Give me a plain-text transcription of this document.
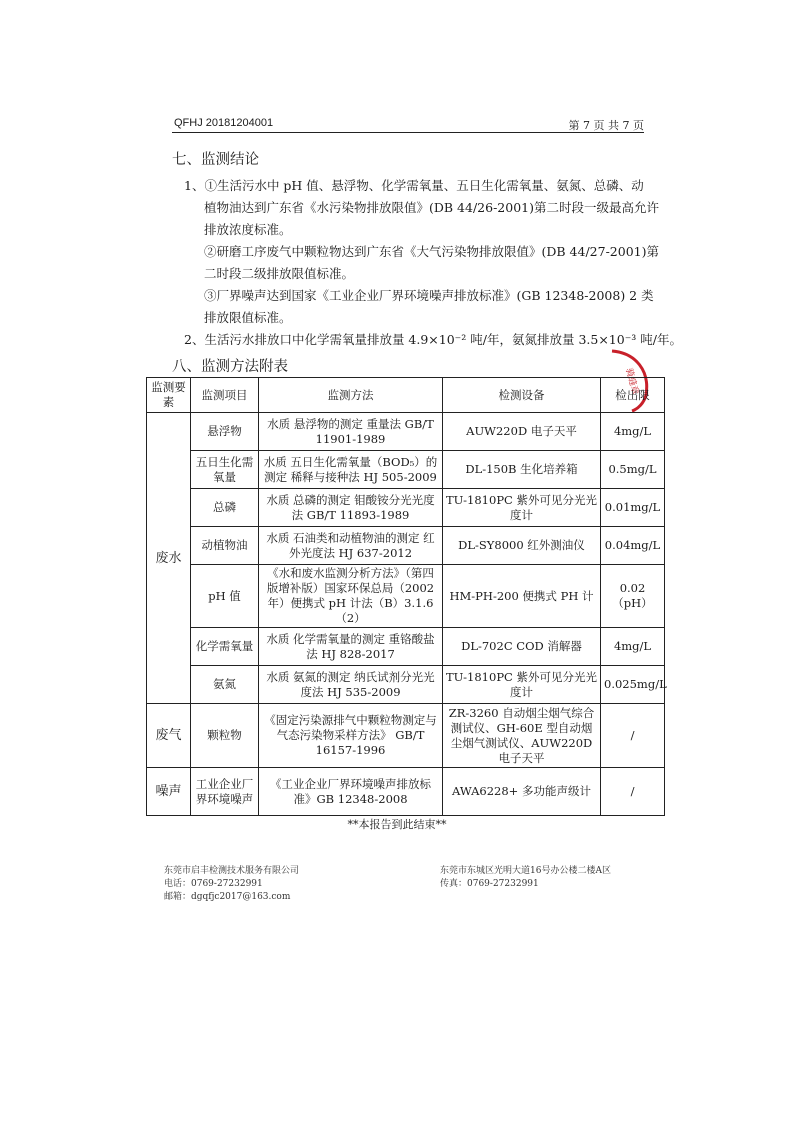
QFHJ 20181204001	第 7 页 共 7 页
七、监测结论
1、①生活污水中 pH 值、悬浮物、化学需氧量、五日生化需氧量、氨氮、总磷、动
植物油达到广东省《水污染物排放限值》(DB 44/26-2001)第二时段一级最高允许
排放浓度标准。
②研磨工序废气中颗粒物达到广东省《大气污染物排放限值》(DB 44/27-2001)第
二时段二级排放限值标准。
③厂界噪声达到国家《工业企业厂界环境噪声排放标准》(GB 12348-2008) 2 类
排放限值标准。
2、生活污水排放口中化学需氧量排放量 4.9×10⁻² 吨/年，氨氮排放量 3.5×10⁻³ 吨/年。
八、监测方法附表
骑缝章
监测要素	监测项目	监测方法	检测设备	检出限
废水	悬浮物	水质 悬浮物的测定 重量法 GB/T 11901-1989	AUW220D 电子天平	4mg/L
	五日生化需氧量	水质 五日生化需氧量（BOD₅）的测定 稀释与接种法 HJ 505-2009	DL-150B 生化培养箱	0.5mg/L
	总磷	水质 总磷的测定 钼酸铵分光光度法 GB/T 11893-1989	TU-1810PC 紫外可见分光光度计	0.01mg/L
	动植物油	水质 石油类和动植物油的测定 红外光度法 HJ 637-2012	DL-SY8000 红外测油仪	0.04mg/L
	pH 值	《水和废水监测分析方法》（第四版增补版）国家环保总局（2002年）便携式 pH 计法（B）3.1.6（2）	HM-PH-200 便携式 PH 计	0.02（pH）
	化学需氧量	水质 化学需氧量的测定 重铬酸盐法 HJ 828-2017	DL-702C COD 消解器	4mg/L
	氨氮	水质 氨氮的测定 纳氏试剂分光光度法 HJ 535-2009	TU-1810PC 紫外可见分光光度计	0.025mg/L
废气	颗粒物	《固定污染源排气中颗粒物测定与气态污染物采样方法》 GB/T 16157-1996	ZR-3260 自动烟尘烟气综合测试仪、GH-60E 型自动烟尘烟气测试仪、AUW220D 电子天平	/
噪声	工业企业厂界环境噪声	《工业企业厂界环境噪声排放标准》GB 12348-2008	AWA6228+ 多功能声级计	/
**本报告到此结束**
东莞市启丰检测技术服务有限公司
电话：0769-27232991
邮箱：dgqfjc2017@163.com
东莞市东城区光明大道16号办公楼二楼A区
传真：0769-27232991
